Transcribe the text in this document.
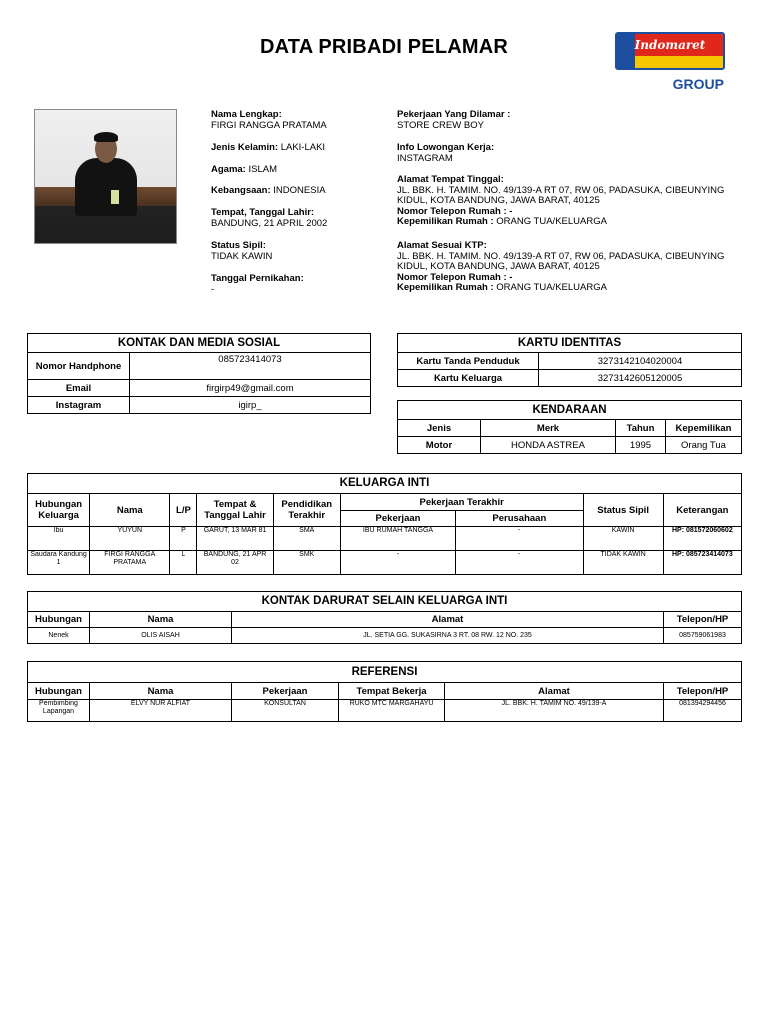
DATA PRIBADI PELAMAR	Indomaret
GROUP
Nama Lengkap:
FIRGI RANGGA PRATAMA
Jenis Kelamin: LAKI-LAKI
Agama: ISLAM
Kebangsaan: INDONESIA
Tempat, Tanggal Lahir:
BANDUNG, 21 APRIL 2002
Status Sipil:
TIDAK KAWIN
Tanggal Pernikahan:
-
Pekerjaan Yang Dilamar :
STORE CREW BOY
Info Lowongan Kerja:
INSTAGRAM
Alamat Tempat Tinggal:
JL. BBK. H. TAMIM. NO. 49/139-A RT 07, RW 06, PADASUKA, CIBEUNYING
KIDUL, KOTA BANDUNG, JAWA BARAT, 40125
Nomor Telepon Rumah : -
Kepemilikan Rumah : ORANG TUA/KELUARGA
Alamat Sesuai KTP:
JL. BBK. H. TAMIM. NO. 49/139-A RT 07, RW 06, PADASUKA, CIBEUNYING
KIDUL, KOTA BANDUNG, JAWA BARAT, 40125
Nomor Telepon Rumah : -
Kepemilikan Rumah : ORANG TUA/KELUARGA
KONTAK DAN MEDIA SOSIAL	
Nomor Handphone	085723414073
Email	firgirp49@gmail.com
Instagram	igirp_
KARTU IDENTITAS	
Kartu Tanda Penduduk	3273142104020004
Kartu Keluarga	3273142605120005
KENDARAAN			
Jenis	Merk	Tahun	Kepemilikan
Motor	HONDA ASTREA	1995	Orang Tua
KELUARGA INTI								
Hubungan Keluarga	Nama	L/P	Tempat & Tanggal Lahir	Pendidikan Terakhir	Pekerjaan Terakhir		Status Sipil	Keterangan
					Pekerjaan	Perusahaan		
Ibu	YUYUN	P	GARUT, 13 MAR 81	SMA	IBU RUMAH TANGGA	-	KAWIN	HP: 081572060602
Saudara Kandung 1	FIRGI RANGGA PRATAMA	L	BANDUNG, 21 APR 02	SMK	-	-	TIDAK KAWIN	HP: 085723414073
KONTAK DARURAT SELAIN KELUARGA INTI			
Hubungan	Nama	Alamat	Telepon/HP
Nenek	OLIS AISAH	JL. SETIA GG. SUKASIRNA 3 RT. 08 RW. 12 NO. 235	085759061983
REFERENSI					
Hubungan	Nama	Pekerjaan	Tempat Bekerja	Alamat	Telepon/HP
Pembimbing Lapangan	ELVY NUR ALFIAT	KONSULTAN	RUKO MTC MARGAHAYU	JL. BBK. H. TAMIM NO. 49/139-A	081394294456
